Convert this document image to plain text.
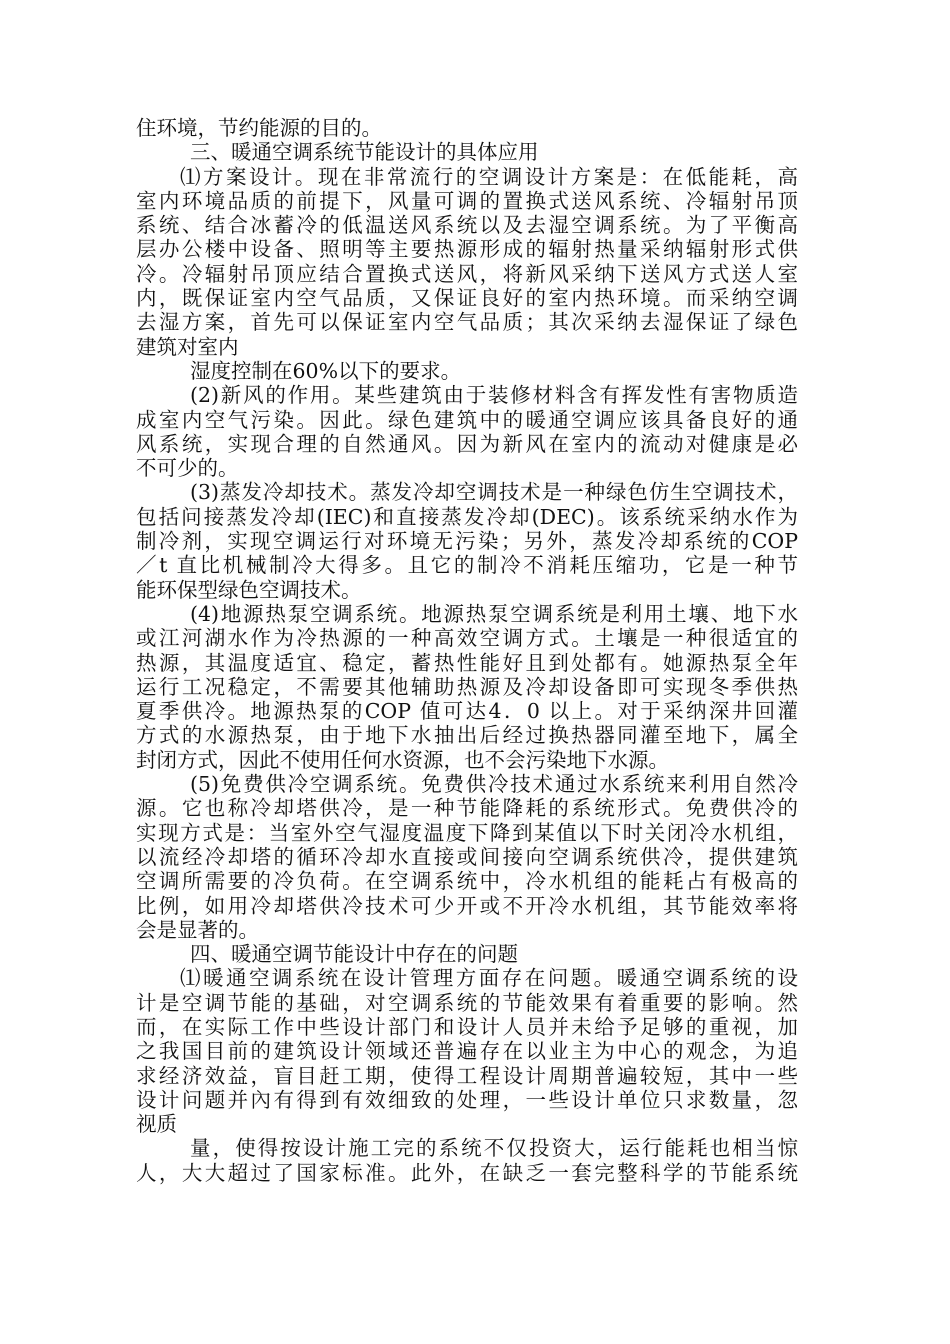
住环境，节约能源的目的。
三、暖通空调系统节能设计的具体应用
⑴方案设计。现在非常流行的空调设计方案是：在低能耗，高
室内环境品质的前提下，风量可调的置换式送风系统、冷辐射吊顶
系统、结合冰蓄冷的低温送风系统以及去湿空调系统。为了平衡高
层办公楼中设备、照明等主要热源形成的辐射热量采纳辐射形式供
冷。冷辐射吊顶应结合置换式送风，将新风采纳下送风方式送人室
内，既保证室内空气品质，又保证良好的室内热环境。而采纳空调
去湿方案，首先可以保证室内空气品质；其次采纳去湿保证了绿色
建筑对室内
湿度控制在60%以下的要求。
(2)新风的作用。某些建筑由于装修材料含有挥发性有害物质造
成室内空气污染。因此。绿色建筑中的暖通空调应该具备良好的通
风系统，实现合理的自然通风。因为新风在室内的流动对健康是必
不可少的。
(3)蒸发冷却技术。蒸发冷却空调技术是一种绿色仿生空调技术，
包括问接蒸发冷却(IEC)和直接蒸发冷却(DEC)。该系统采纳水作为
制冷剂，实现空调运行对环境无污染；另外，蒸发冷却系统的COP
／t 直比机械制冷大得多。且它的制冷不消耗压缩功，它是一种节
能环保型绿色空调技术。
(4)地源热泵空调系统。地源热泵空调系统是利用土壤、地下水
或江河湖水作为冷热源的一种高效空调方式。土壤是一种很适宜的
热源，其温度适宜、稳定，蓄热性能好且到处都有。她源热泵全年
运行工况稳定，不需要其他辅助热源及冷却设备即可实现冬季供热
夏季供冷。地源热泵的COP 值可达4．0 以上。对于采纳深井回灌
方式的水源热泵，由于地下水抽出后经过换热器同灌至地下，属全
封闭方式，因此不使用任何水资源，也不会污染地下水源。
(5)免费供冷空调系统。免费供冷技术通过水系统来利用自然冷
源。它也称冷却塔供冷，是一种节能降耗的系统形式。免费供冷的
实现方式是：当室外空气湿度温度下降到某值以下时关闭冷水机组，
以流经冷却塔的循环冷却水直接或间接向空调系统供冷，提供建筑
空调所需要的冷负荷。在空调系统中，冷水机组的能耗占有极高的
比例，如用冷却塔供冷技术可少开或不开冷水机组，其节能效率将
会是显著的。
四、暖通空调节能设计中存在的问题
⑴暖通空调系统在设计管理方面存在问题。暖通空调系统的设
计是空调节能的基础，对空调系统的节能效果有着重要的影响。然
而，在实际工作中些设计部门和设计人员并未给予足够的重视，加
之我国目前的建筑设计领域还普遍存在以业主为中心的观念，为追
求经济效益，盲目赶工期，使得工程设计周期普遍较短，其中一些
设计问题并內有得到有效细致的处理，一些设计单位只求数量，忽
视质
量，使得按设计施工完的系统不仅投资大，运行能耗也相当惊
人，大大超过了国家标准。此外，在缺乏一套完整科学的节能系统
